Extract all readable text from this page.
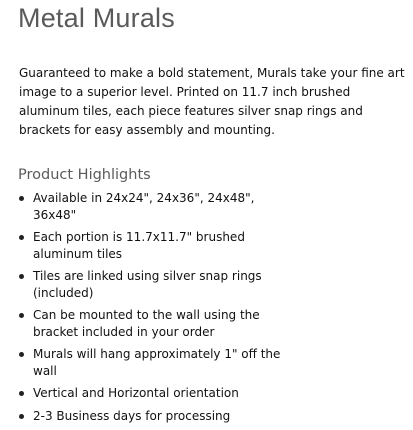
Metal Murals

Guaranteed to make a bold statement, Murals take your fine art
image to a superior level. Printed on 11.7 inch brushed
aluminum tiles, each piece features silver snap rings and
brackets for easy assembly and mounting.

Product Highlights
Available in 24x24", 24x36", 24x48",
36x48"
Each portion is 11.7x11.7" brushed
aluminum tiles
Tiles are linked using silver snap rings
(included)
Can be mounted to the wall using the
bracket included in your order
Murals will hang approximately 1" off the
wall
Vertical and Horizontal orientation
2-3 Business days for processing
